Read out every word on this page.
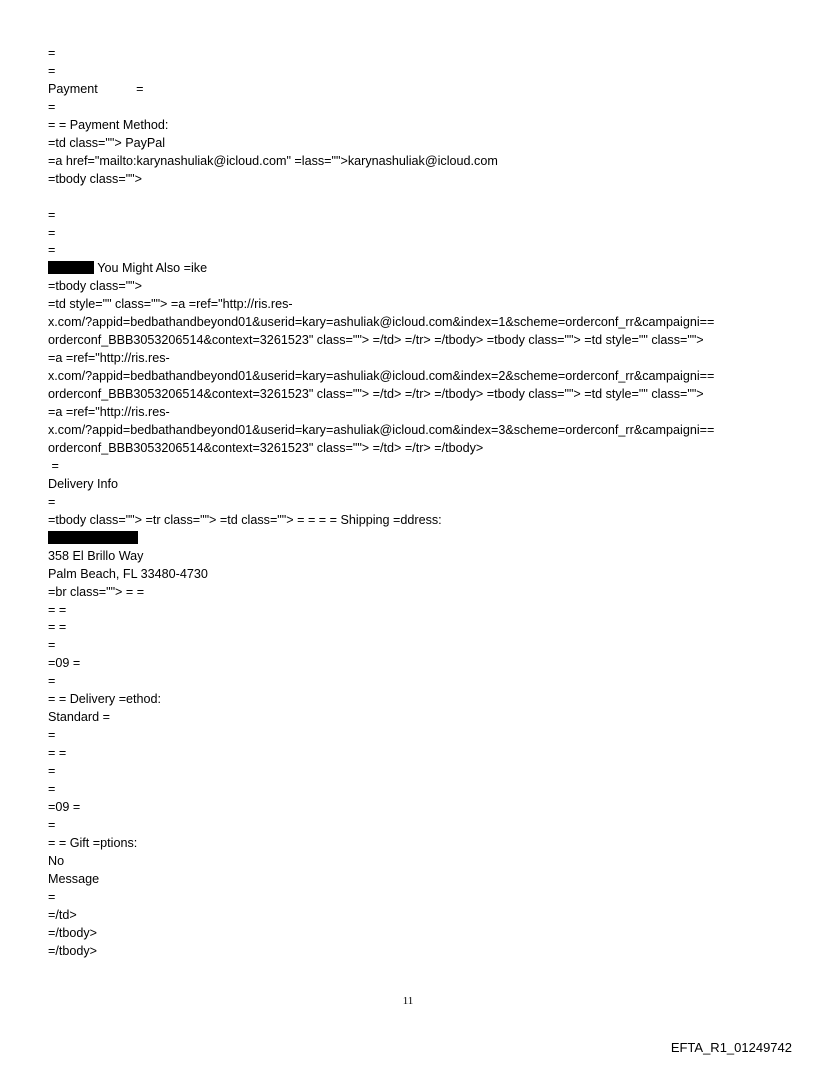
=
=
Payment           =
=
= = Payment Method:
=td class=""> PayPal
=a href="mailto:karynashuliak@icloud.com" =lass="">karynashuliak@icloud.com
=tbody class="">
=
=
=
You Might Also =ike
=tbody class="">
=td style="" class=""> =a =ref="http://ris.res-
x.com/?appid=bedbathandbeyond01&userid=kary=ashuliak@icloud.com&index=1&scheme=orderconf_rr&campaigni==
orderconf_BBB3053206514&context=3261523" class=""> =/td> =/tr> =/tbody> =tbody class=""> =td style="" class="">
=a =ref="http://ris.res-
x.com/?appid=bedbathandbeyond01&userid=kary=ashuliak@icloud.com&index=2&scheme=orderconf_rr&campaigni==
orderconf_BBB3053206514&context=3261523" class=""> =/td> =/tr> =/tbody> =tbody class=""> =td style="" class="">
=a =ref="http://ris.res-
x.com/?appid=bedbathandbeyond01&userid=kary=ashuliak@icloud.com&index=3&scheme=orderconf_rr&campaigni==
orderconf_BBB3053206514&context=3261523" class=""> =/td> =/tr> =/tbody>
=
Delivery Info
=
=tbody class=""> =tr class=""> =td class=""> = = = = Shipping =ddress:
358 El Brillo Way
Palm Beach, FL 33480-4730
=br class=""> = =
= =
= =
=
=09 =
=
= = Delivery =ethod:
Standard =
=
= =
=
=
=09 =
=
= = Gift =ptions:
No
Message
=
=/td>
=/tbody>
=/tbody>
11
EFTA_R1_01249742
